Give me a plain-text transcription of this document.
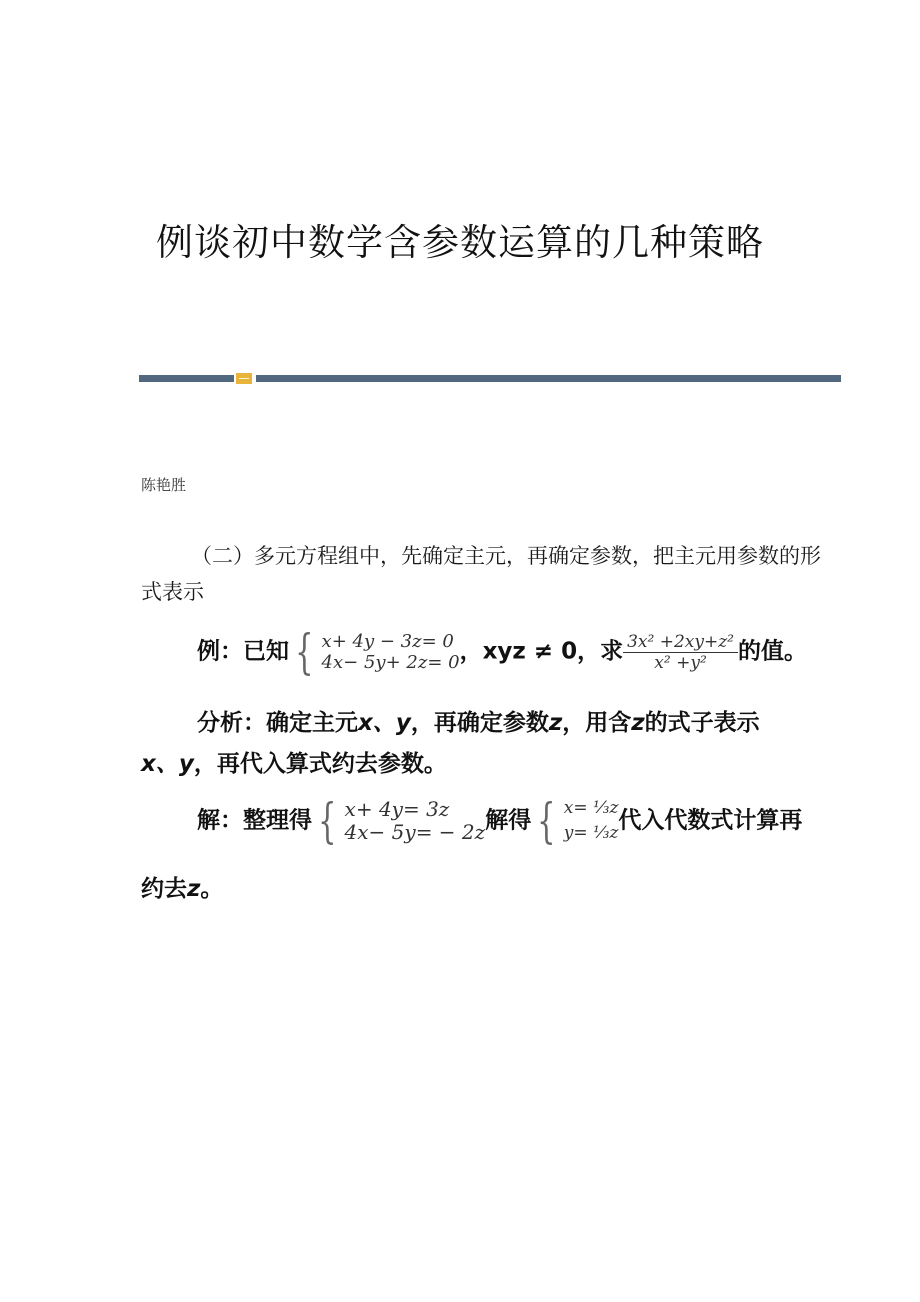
例谈初中数学含参数运算的几种策略
陈艳胜
（二）多元方程组中，先确定主元，再确定参数，把主元用参数的形式表示
例：已知 { x+ 4y − 3z= 0
4x− 5y+ 2z= 0 ，xyz ≠ 0，求 $\frac{\text{3x² +2xy+z²}}{\text{x² +y²}}$ 的值。
分析：确定主元x、y，再确定参数z，用含z的式子表示
x、y，再代入算式约去参数。
解：整理得 { x+ 4y= 3z
4x− 5y= − 2z 解得 { x= ⅓z
y= ⅓z 代入代数式计算再
约去z。
